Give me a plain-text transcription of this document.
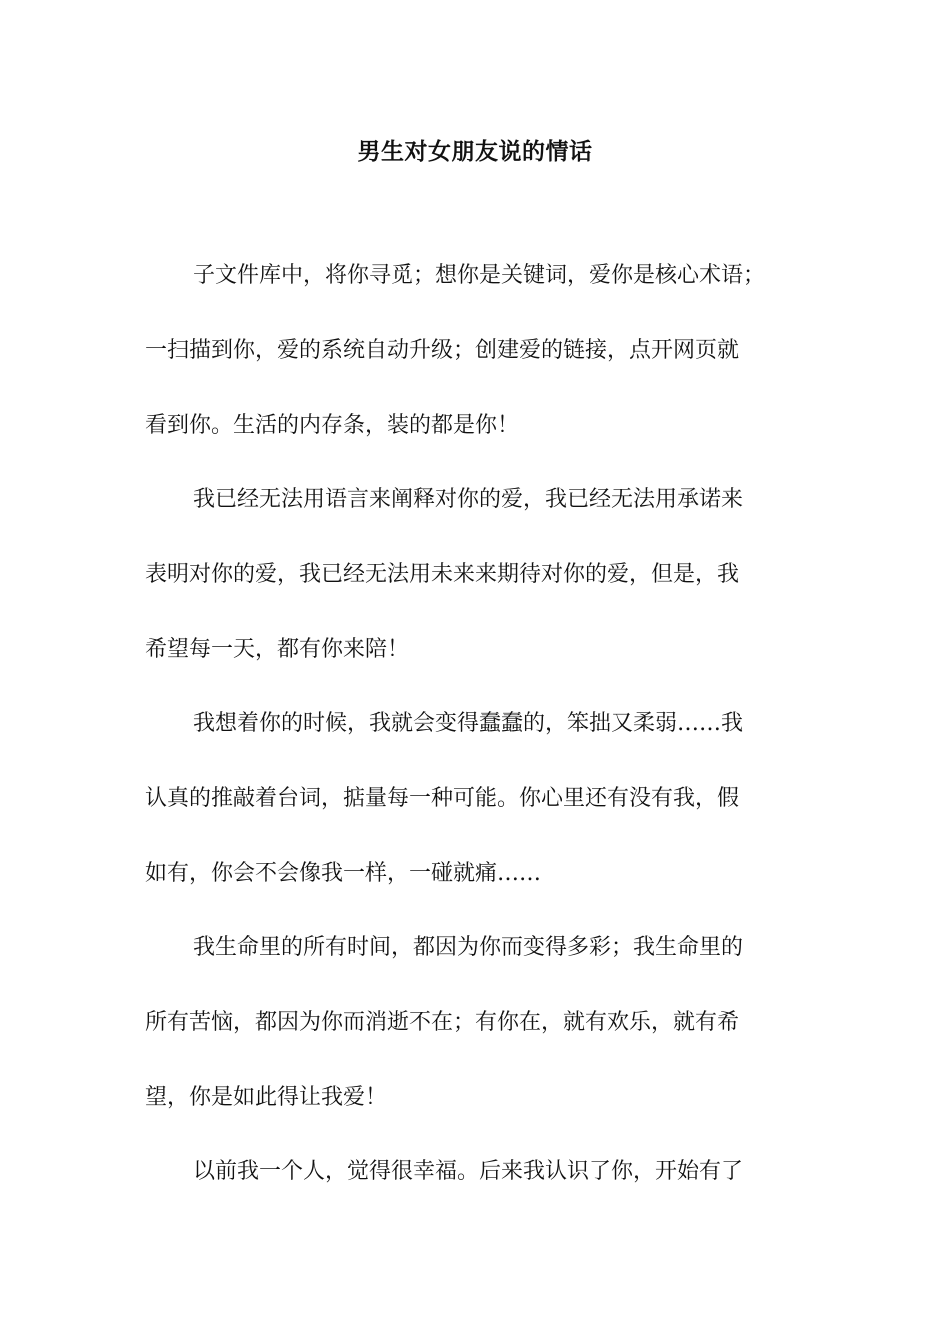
男生对女朋友说的情话
子文件库中，将你寻觅；想你是关键词，爱你是核心术语；
一扫描到你，爱的系统自动升级；创建爱的链接，点开网页就
看到你。生活的内存条，装的都是你！
我已经无法用语言来阐释对你的爱，我已经无法用承诺来
表明对你的爱，我已经无法用未来来期待对你的爱，但是，我
希望每一天，都有你来陪！
我想着你的时候，我就会变得蠢蠢的，笨拙又柔弱……我
认真的推敲着台词，掂量每一种可能。你心里还有没有我，假
如有，你会不会像我一样，一碰就痛……
我生命里的所有时间，都因为你而变得多彩；我生命里的
所有苦恼，都因为你而消逝不在；有你在，就有欢乐，就有希
望，你是如此得让我爱！
以前我一个人，觉得很幸福。后来我认识了你，开始有了
